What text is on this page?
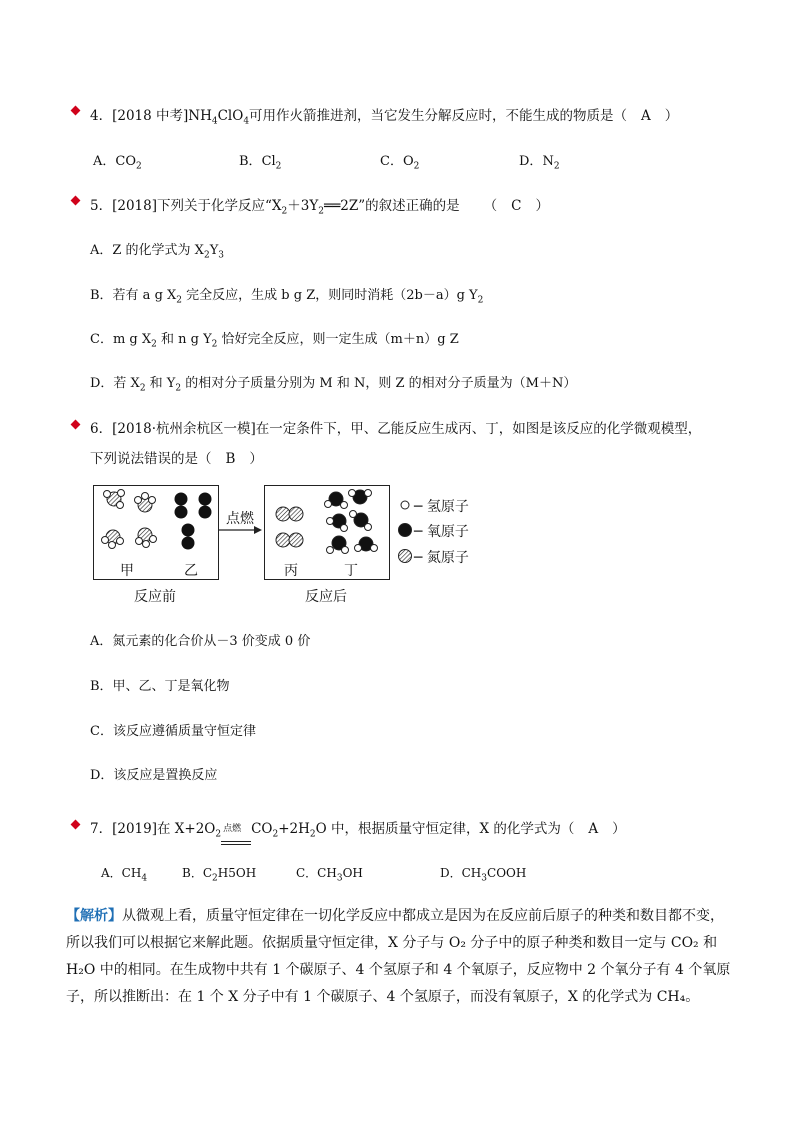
4．[2018 中考]$NH_4ClO_4$可用作火箭推进剂，当它发生分解反应时，不能生成的物质是（ A ）
A．$CO_2$	B．$Cl_2$	C．$O_2$	D．$N_2$
5．[2018]下列关于化学反应“$X_2+3Y_2══2Z$”的叙述正确的是 （ C ）
A．Z 的化学式为 $X_2Y_3$
B．若有 a g $X_2$ 完全反应，生成 b g Z，则同时消耗（2b－a）g $Y_2$
C．m g $X_2$ 和 n g $Y_2$ 恰好完全反应，则一定生成（m＋n）g Z
D．若 $X_2$ 和 $Y_2$ 的相对分子质量分别为 M 和 N，则 Z 的相对分子质量为（M＋N）
6．[2018·杭州余杭区一模]在一定条件下，甲、乙能反应生成丙、丁，如图是该反应的化学微观模型，
下列说法错误的是（ B ）
点燃
甲	乙	丙	丁
反应前	反应后
─ 氢原子
─ 氧原子
─ 氮原子
A．氮元素的化合价从－3 价变成 0 价
B．甲、乙、丁是氧化物
C．该反应遵循质量守恒定律
D．该反应是置换反应
7．[2019]在 $X+2O_2$
点燃 $CO_2+2H_2O$ 中，根据质量守恒定律，X 的化学式为（ A ）
A．$CH_4$	B．$C_2H5OH$	C．$CH_3OH$	D．$CH_3COOH$
【解析】从微观上看，质量守恒定律在一切化学反应中都成立是因为在反应前后原子的种类和数目都不变，所以我们可以根据它来解此题。依据质量守恒定律，X 分子与 O₂ 分子中的原子种类和数目一定与 CO₂ 和 H₂O 中的相同。在生成物中共有 1 个碳原子、4 个氢原子和 4 个氧原子，反应物中 2 个氧分子有 4 个氧原子，所以推断出：在 1 个 X 分子中有 1 个碳原子、4 个氢原子，而没有氧原子，X 的化学式为 CH₄。
